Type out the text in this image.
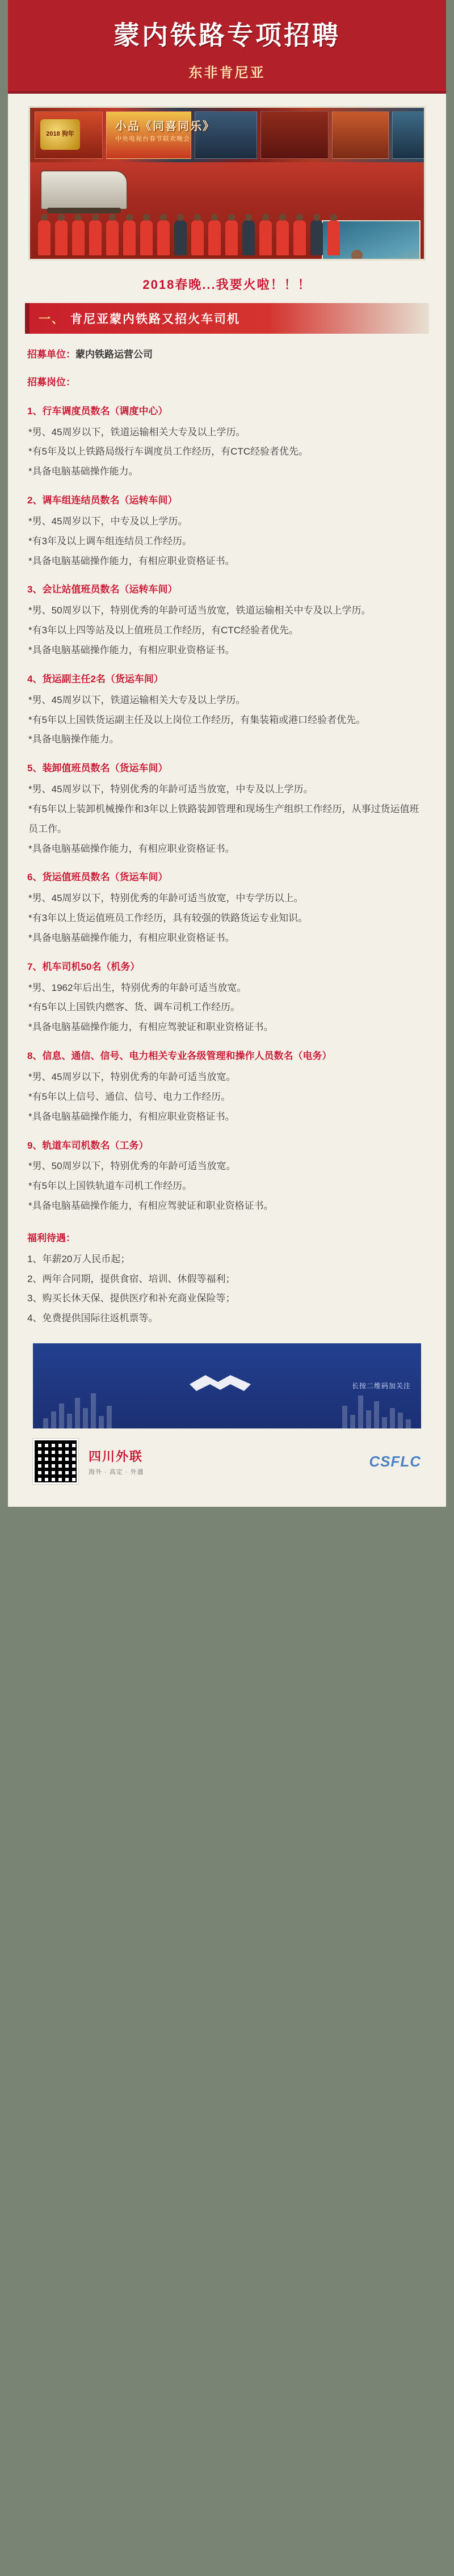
蒙内铁路专项招聘
东非肯尼亚
2018 狗年
小品《同喜同乐》
中央电视台春节联欢晚会
2018春晚...我要火啦！！！
一、 肯尼亚蒙内铁路又招火车司机
招募单位：蒙内铁路运营公司
招募岗位：
1、行车调度员数名（调度中心）

*男、45周岁以下，铁道运输相关大专及以上学历。

*有5年及以上铁路局级行车调度员工作经历，有CTC经验者优先。

*具备电脑基础操作能力。

2、调车组连结员数名（运转车间）

*男、45周岁以下，中专及以上学历。

*有3年及以上调车组连结员工作经历。

*具备电脑基础操作能力，有相应职业资格证书。

3、会让站值班员数名（运转车间）

*男、50周岁以下，特别优秀的年龄可适当放宽，铁道运输相关中专及以上学历。

*有3年以上四等站及以上值班员工作经历，有CTC经验者优先。

*具备电脑基础操作能力，有相应职业资格证书。

4、货运副主任2名（货运车间）

*男、45周岁以下，铁道运输相关大专及以上学历。

*有5年以上国铁货运副主任及以上岗位工作经历，有集装箱或港口经验者优先。

*具备电脑操作能力。

5、装卸值班员数名（货运车间）

*男、45周岁以下，特别优秀的年龄可适当放宽，中专及以上学历。

*有5年以上装卸机械操作和3年以上铁路装卸管理和现场生产组织工作经历，从事过货运值班员工作。

*具备电脑基础操作能力，有相应职业资格证书。

6、货运值班员数名（货运车间）

*男、45周岁以下，特别优秀的年龄可适当放宽，中专学历以上。

*有3年以上货运值班员工作经历，具有较强的铁路货运专业知识。

*具备电脑基础操作能力，有相应职业资格证书。

7、机车司机50名（机务）

*男、1962年后出生，特别优秀的年龄可适当放宽。

*有5年以上国铁内燃客、货、调车司机工作经历。

*具备电脑基础操作能力，有相应驾驶证和职业资格证书。

8、信息、通信、信号、电力相关专业各级管理和操作人员数名（电务）

*男、45周岁以下，特别优秀的年龄可适当放宽。

*有5年以上信号、通信、信号、电力工作经历。

*具备电脑基础操作能力，有相应职业资格证书。

9、轨道车司机数名（工务）

*男、50周岁以下，特别优秀的年龄可适当放宽。

*有5年以上国铁轨道车司机工作经历。

*具备电脑基础操作能力，有相应驾驶证和职业资格证书。

福利待遇：

1、年薪20万人民币起；

2、两年合同期，提供食宿、培训、休假等福利；

3、购买长休天保、提供医疗和补充商业保险等；

4、免费提供国际往返机票等。

长按二维码加关注
四川外联
海外 · 高定 · 外遣
CSFLC
